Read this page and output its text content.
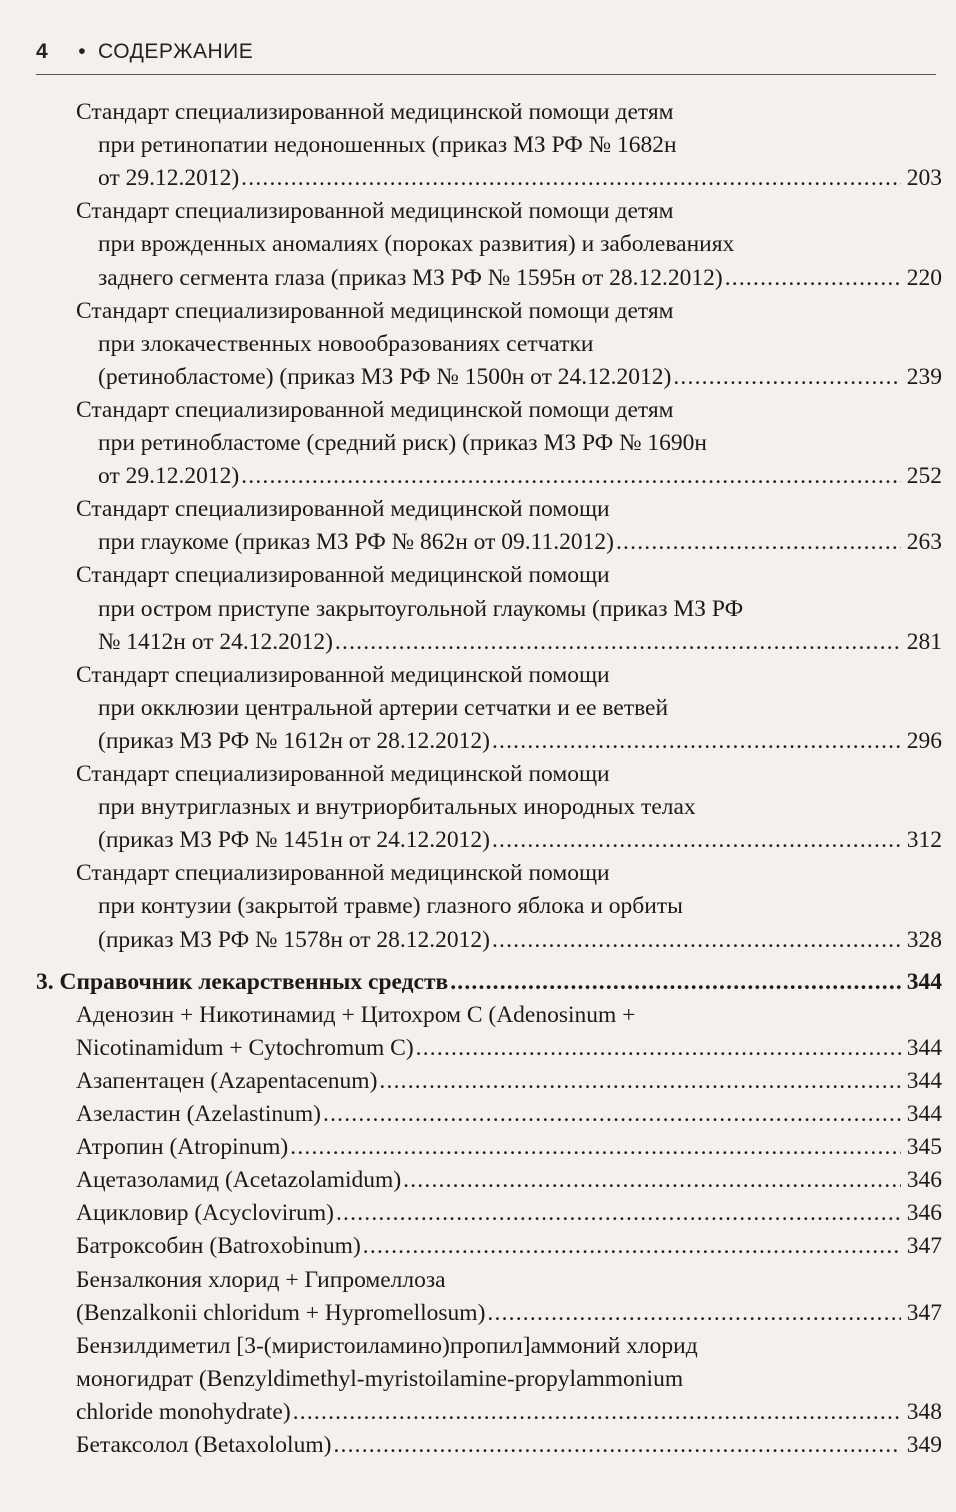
4 • СОДЕРЖАНИЕ
Стандарт специализированной медицинской помощи детям
при ретинопатии недоношенных (приказ МЗ РФ № 1682н
от 29.12.2012) .....	203
Стандарт специализированной медицинской помощи детям
при врожденных аномалиях (пороках развития) и заболеваниях
заднего сегмента глаза (приказ МЗ РФ № 1595н от 28.12.2012) .....	220
Стандарт специализированной медицинской помощи детям
при злокачественных новообразованиях сетчатки
(ретинобластоме) (приказ МЗ РФ № 1500н от 24.12.2012) .....	239
Стандарт специализированной медицинской помощи детям
при ретинобластоме (средний риск) (приказ МЗ РФ № 1690н
от 29.12.2012) .....	252
Стандарт специализированной медицинской помощи
при глаукоме (приказ МЗ РФ № 862н от 09.11.2012) .....	263
Стандарт специализированной медицинской помощи
при остром приступе закрытоугольной глаукомы (приказ МЗ РФ
№ 1412н от 24.12.2012) .....	281
Стандарт специализированной медицинской помощи
при окклюзии центральной артерии сетчатки и ее ветвей
(приказ МЗ РФ № 1612н от 28.12.2012) .....	296
Стандарт специализированной медицинской помощи
при внутриглазных и внутриорбитальных инородных телах
(приказ МЗ РФ № 1451н от 24.12.2012) .....	312
Стандарт специализированной медицинской помощи
при контузии (закрытой травме) глазного яблока и орбиты
(приказ МЗ РФ № 1578н от 28.12.2012) .....	328
3. Справочник лекарственных средств .....	344
Аденозин + Никотинамид + Цитохром С (Adenosinum +
Nicotinamidum + Cytochromum C) .....	344
Азапентацен (Azapentacenum) .....	344
Азеластин (Azelastinum) .....	344
Атропин (Atropinum) .....	345
Ацетазоламид (Acetazolamidum) .....	346
Ацикловир (Acyclovirum) .....	346
Батроксобин (Batroxobinum) .....	347
Бензалкония хлорид + Гипромеллоза
(Benzalkonii chloridum + Hypromellosum) .....	347
Бензилдиметил [3-(миристоиламино)пропил]аммоний хлорид
моногидрат (Benzyldimethyl-myristoilamine-propylammonium
chloride monohydrate) .....	348
Бетаксолол (Betaxololum) .....	349
